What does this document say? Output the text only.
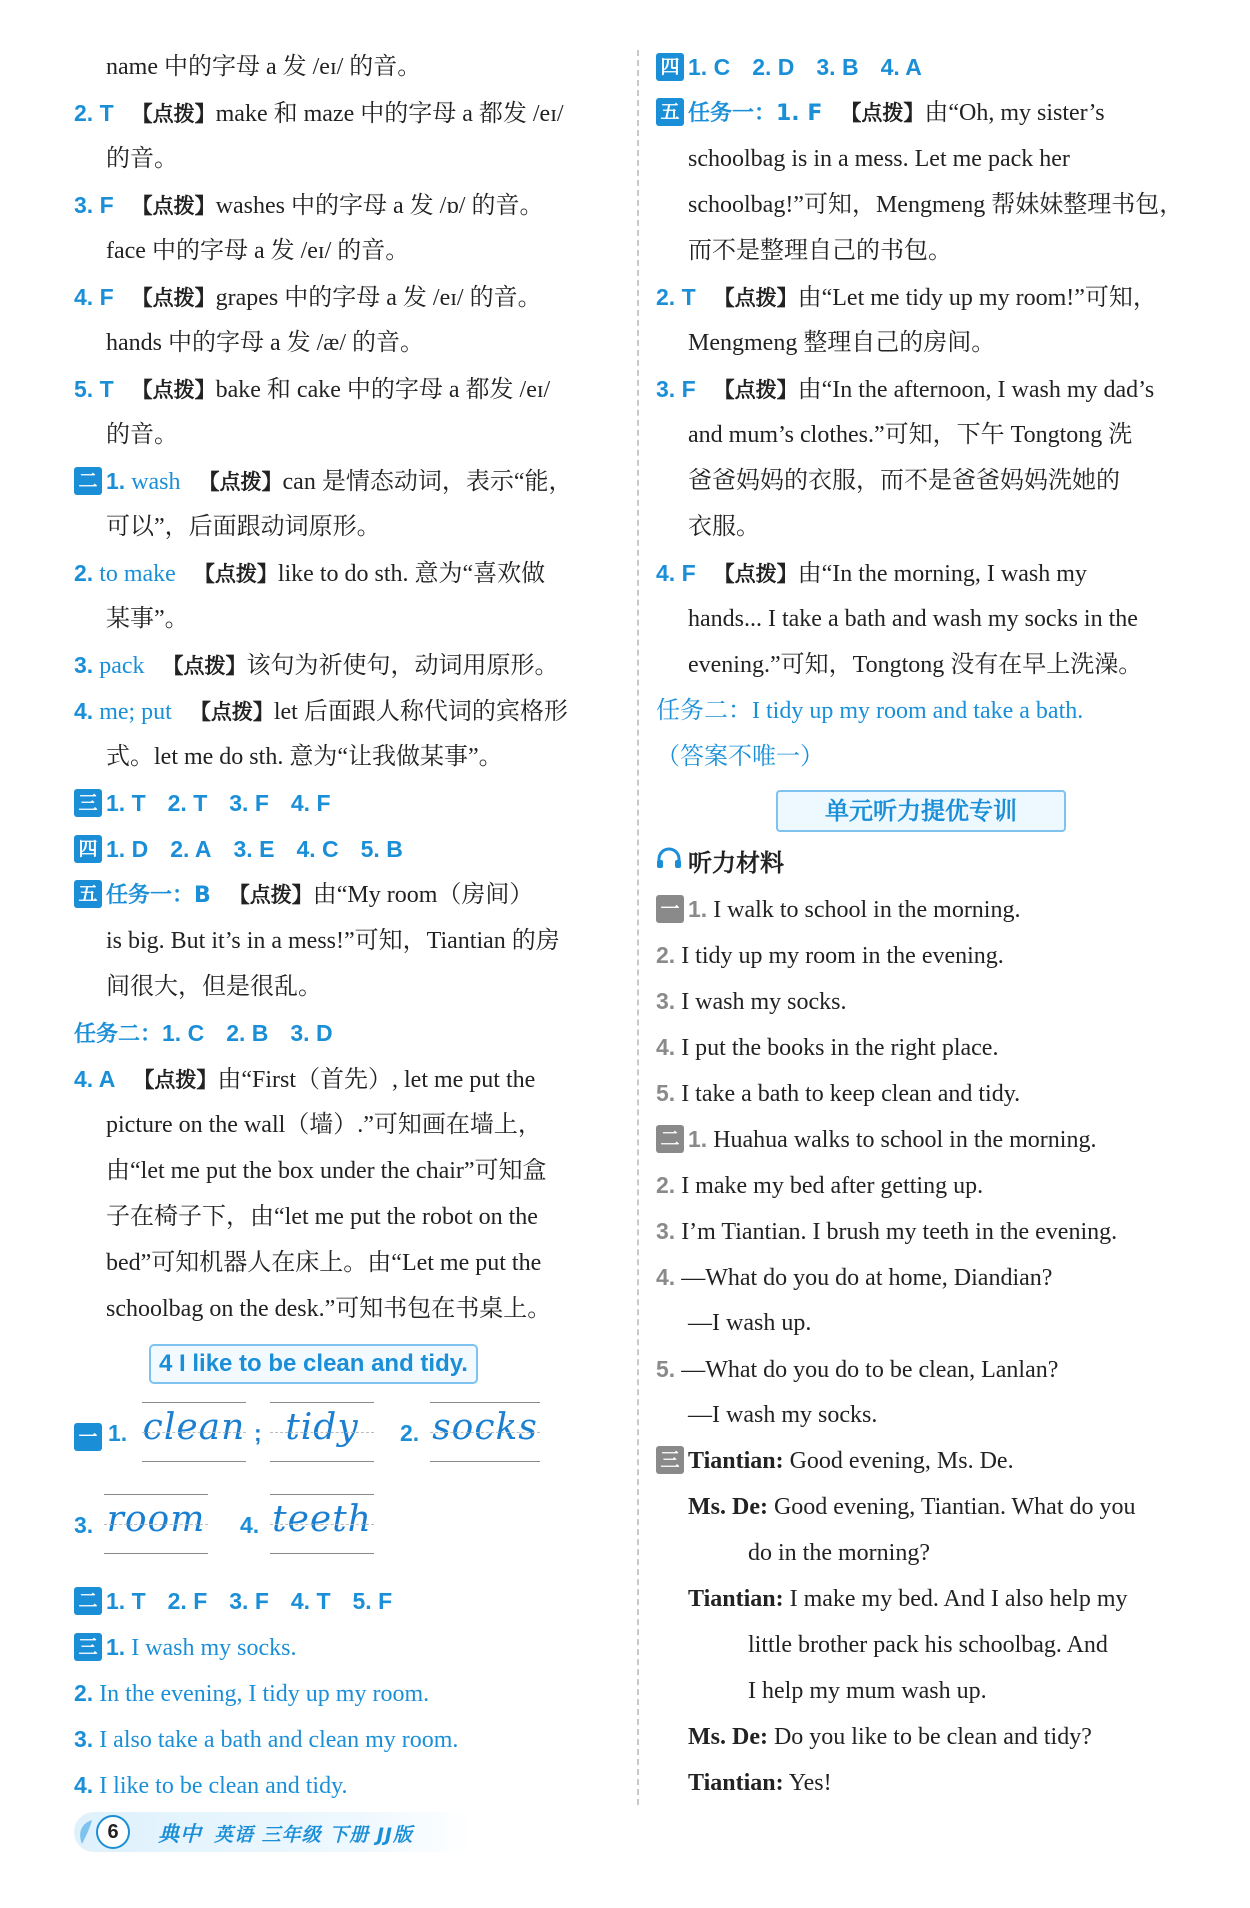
name 中的字母 a 发 /eɪ/ 的音。
2. T 【点拨】make 和 maze 中的字母 a 都发 /eɪ/
的音。
3. F 【点拨】washes 中的字母 a 发 /ɒ/ 的音。
face 中的字母 a 发 /eɪ/ 的音。
4. F 【点拨】grapes 中的字母 a 发 /eɪ/ 的音。
hands 中的字母 a 发 /æ/ 的音。
5. T 【点拨】bake 和 cake 中的字母 a 都发 /eɪ/
的音。
二 1. wash 【点拨】can 是情态动词，表示“能，
可以”，后面跟动词原形。
2. to make 【点拨】like to do sth. 意为“喜欢做
某事”。
3. pack 【点拨】该句为祈使句，动词用原形。
4. me; put 【点拨】let 后面跟人称代词的宾格形
式。let me do sth. 意为“让我做某事”。
三 1. T 2. T 3. F 4. F
四 1. D 2. A 3. E 4. C 5. B
五 任务一：B 【点拨】由“My room（房间）
is big. But it’s in a mess!”可知，Tiantian 的房
间很大，但是很乱。
任务二：1. C 2. B 3. D
4. A 【点拨】由“First（首先）, let me put the
picture on the wall（墙）.”可知画在墙上，
由“let me put the box under the chair”可知盒
子在椅子下，由“let me put the robot on the
bed”可知机器人在床上。由“Let me put the
schoolbag on the desk.”可知书包在书桌上。
4 I like to be clean and tidy.
一 1. clean ; tidy	2. socks
3. room 4. teeth
二 1. T 2. F 3. F 4. T 5. F
三 1. I wash my socks.
2. In the evening, I tidy up my room.
3. I also take a bath and clean my room.
4. I like to be clean and tidy.
四 1. C 2. D 3. B 4. A
五 任务一：1. F 【点拨】由“Oh, my sister’s
schoolbag is in a mess. Let me pack her
schoolbag!”可知，Mengmeng 帮妹妹整理书包，
而不是整理自己的书包。
2. T 【点拨】由“Let me tidy up my room!”可知，
Mengmeng 整理自己的房间。
3. F 【点拨】由“In the afternoon, I wash my dad’s
and mum’s clothes.”可知，下午 Tongtong 洗
爸爸妈妈的衣服，而不是爸爸妈妈洗她的
衣服。
4. F 【点拨】由“In the morning, I wash my
hands... I take a bath and wash my socks in the
evening.”可知，Tongtong 没有在早上洗澡。
任务二：I tidy up my room and take a bath.
（答案不唯一）
单元听力提优专训
听力材料
一 1. I walk to school in the morning.
2. I tidy up my room in the evening.
3. I wash my socks.
4. I put the books in the right place.
5. I take a bath to keep clean and tidy.
二 1. Huahua walks to school in the morning.
2. I make my bed after getting up.
3. I’m Tiantian. I brush my teeth in the evening.
4. —What do you do at home, Diandian?
—I wash up.
5. —What do you do to be clean, Lanlan?
—I wash my socks.
三 Tiantian: Good evening, Ms. De.
Ms. De: Good evening, Tiantian. What do you
do in the morning?
Tiantian: I make my bed. And I also help my
little brother pack his schoolbag. And
I help my mum wash up.
Ms. De: Do you like to be clean and tidy?
Tiantian: Yes!
6	典中 英语 三年级 下册 JJ版
